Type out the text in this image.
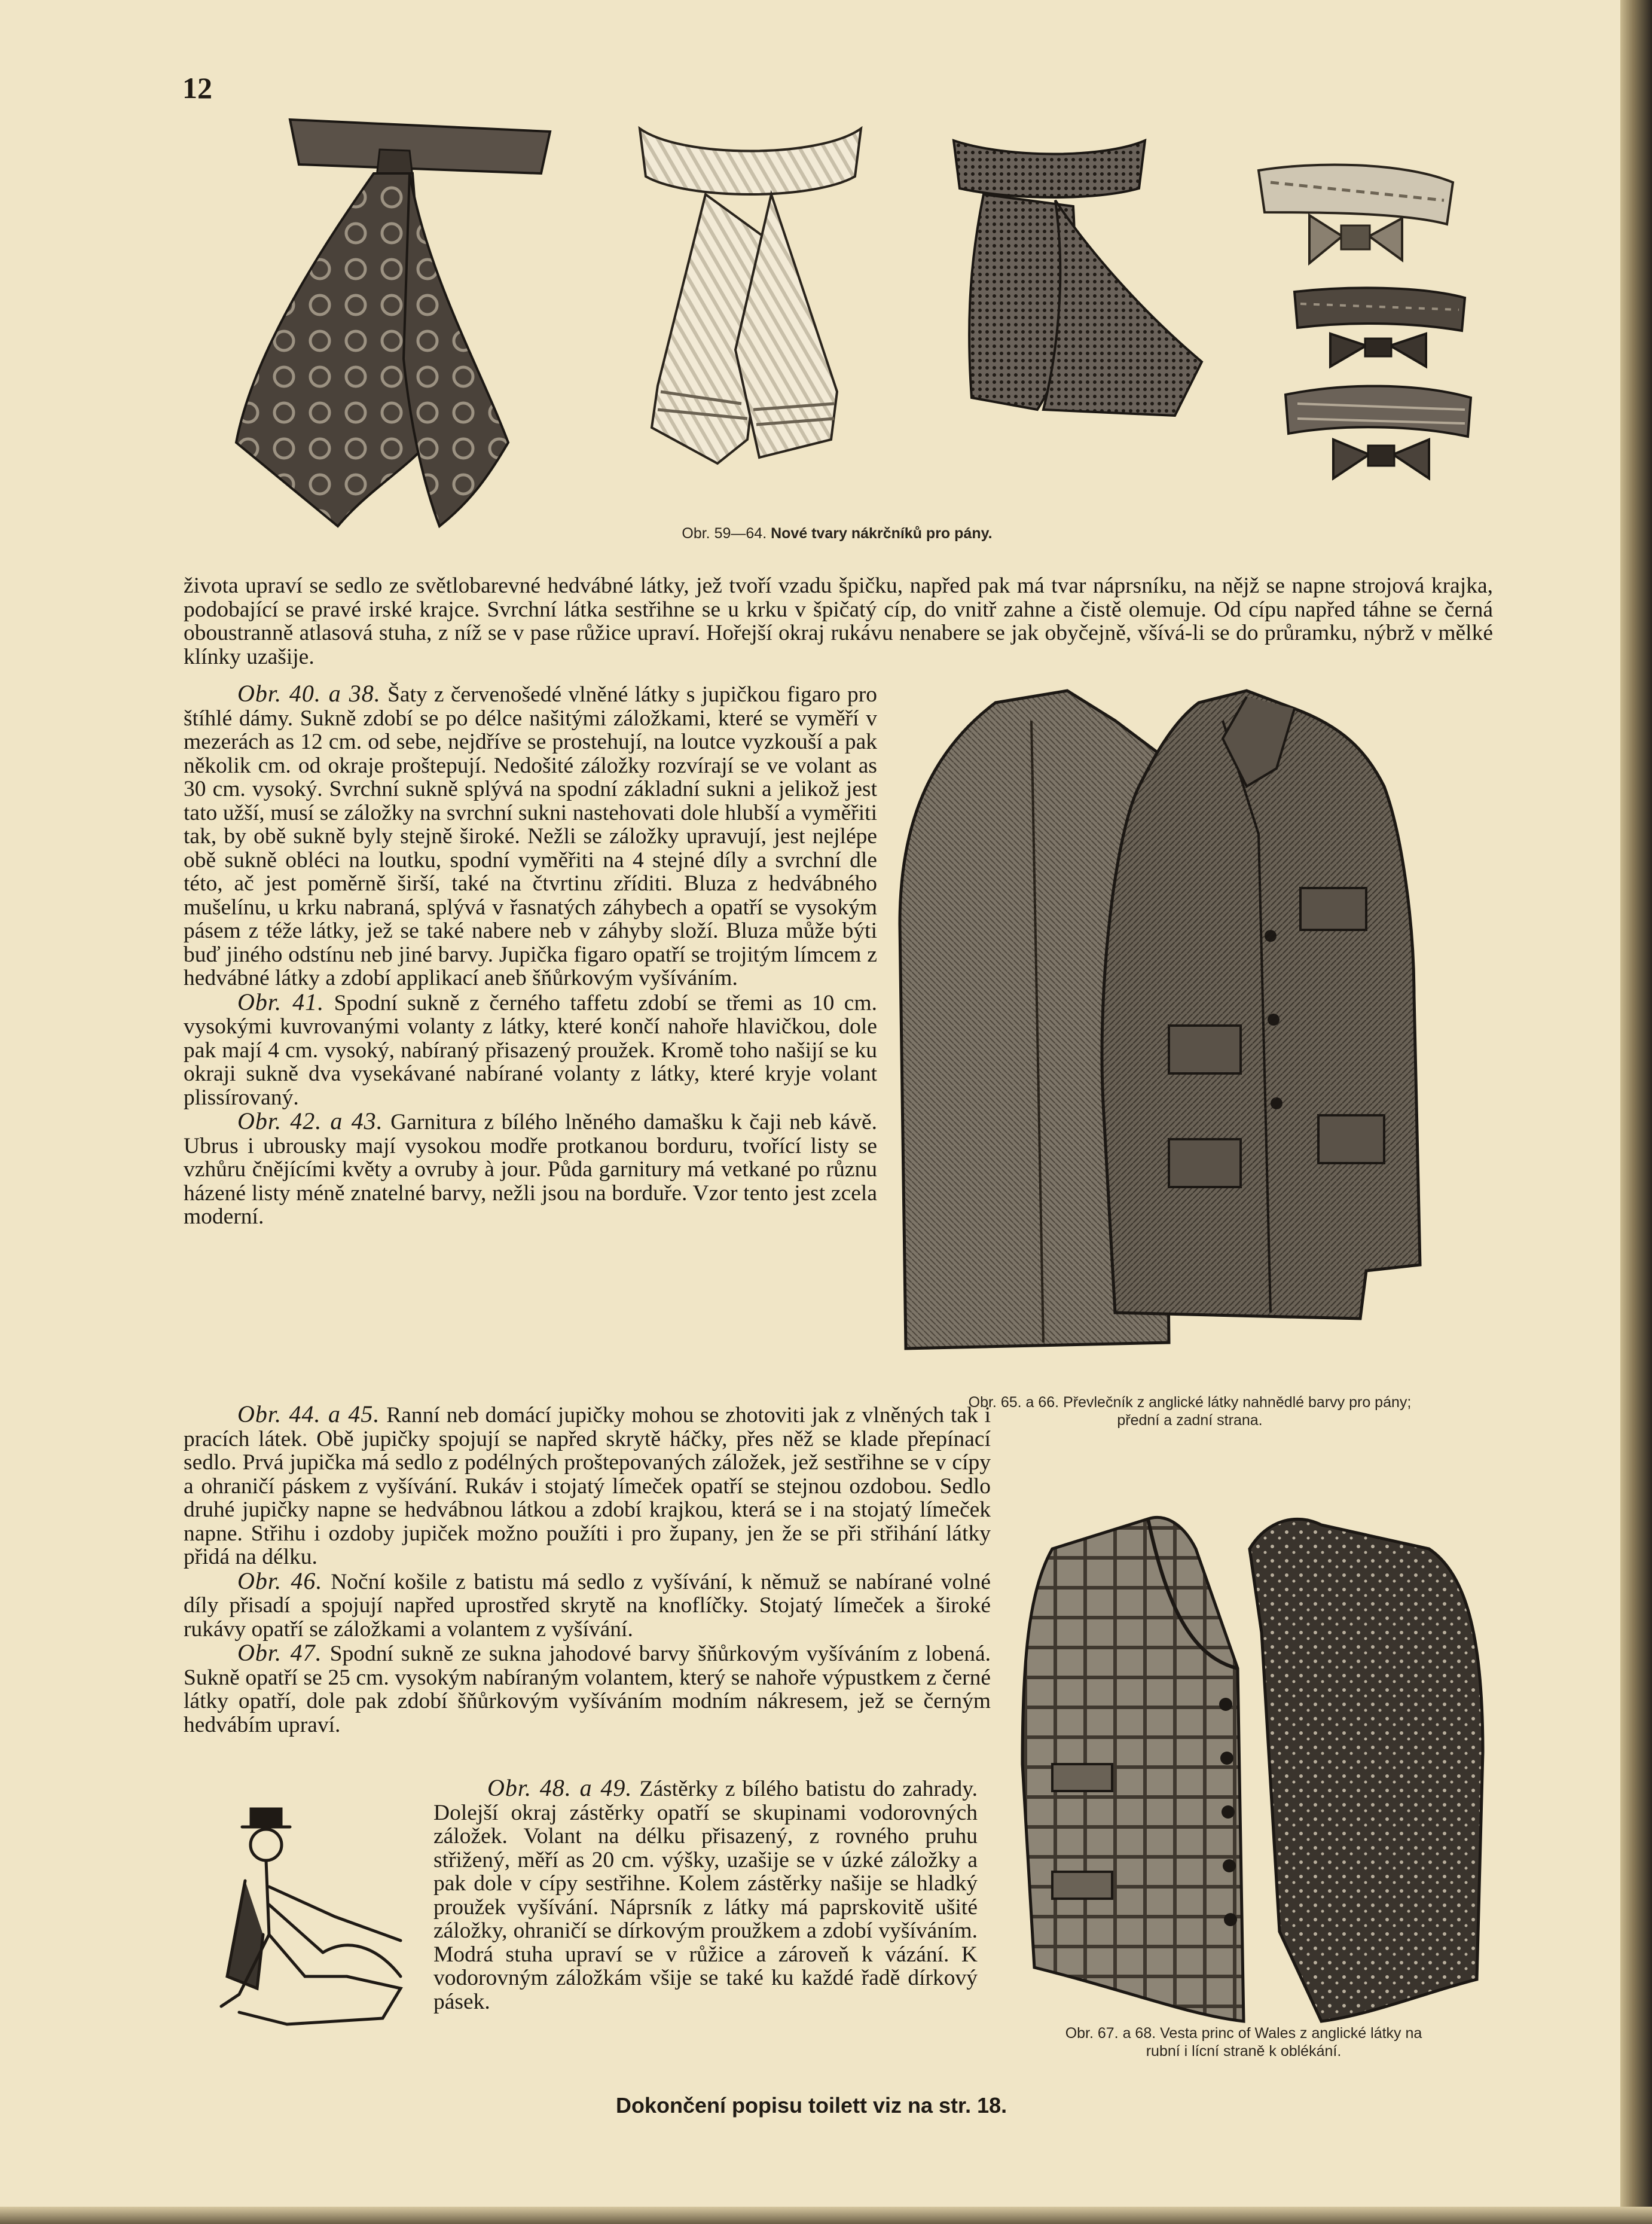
12
Obr. 59—64. Nové tvary nákrčníků pro pány.

života upraví se sedlo ze světlobarevné hedvábné látky, jež tvoří vzadu špičku, napřed pak má tvar náprsníku, na nějž se napne strojová krajka, podobající se pravé irské krajce. Svrchní látka sestřihne se u krku v špičatý cíp, do vnitř zahne a čistě olemuje. Od cípu napřed táhne se černá oboustranně atlasová stuha, z níž se v pase růžice upraví. Hořejší okraj rukávu nenabere se jak obyčejně, všívá-li se do průramku, nýbrž v mělké klínky uzašije.

Obr. 65. a 66. Převlečník z anglické látky nahnědlé barvy pro pány;
přední a zadní strana.
Obr. 67. a 68. Vesta princ of Wales z anglické látky na
rubní i lícní straně k oblékání.

Obr. 40. a 38. Šaty z červenošedé vlněné látky s jupičkou figaro pro štíhlé dámy. Sukně zdobí se po délce našitými záložkami, které se vyměří v mezerách as 12 cm. od sebe, nejdříve se prostehují, na loutce vyzkouší a pak několik cm. od okraje proštepují. Nedošité záložky rozvírají se ve volant as 30 cm. vysoký. Svrchní sukně splývá na spodní základní sukni a jelikož jest tato užší, musí se záložky na svrchní sukni nastehovati dole hlubší a vyměřiti tak, by obě sukně byly stejně široké. Nežli se záložky upravují, jest nejlépe obě sukně obléci na loutku, spodní vyměřiti na 4 stejné díly a svrchní dle této, ač jest poměrně širší, také na čtvrtinu zříditi. Bluza z hedvábného mušelínu, u krku nabraná, splývá v řasnatých záhybech a opatří se vysokým pásem z téže látky, jež se také nabere neb v záhyby složí. Bluza může býti buď jiného odstínu neb jiné barvy. Jupička figaro opatří se trojitým límcem z hedvábné látky a zdobí applikací aneb šňůrkovým vyšíváním.

Obr. 41. Spodní sukně z černého taffetu zdobí se třemi as 10 cm. vysokými kuvrovanými volanty z látky, které končí nahoře hlavičkou, dole pak mají 4 cm. vysoký, nabíraný přisazený proužek. Kromě toho našijí se ku okraji sukně dva vysekávané nabírané volanty z látky, které kryje volant plissírovaný.

Obr. 42. a 43. Garnitura z bílého lněného damašku k čaji neb kávě. Ubrus i ubrousky mají vysokou modře protkanou borduru, tvořící listy se vzhůru čnějícími květy a ovruby à jour. Půda garnitury má vetkané po různu házené listy méně znatelné barvy, nežli jsou na borduře. Vzor tento jest zcela moderní.

Obr. 44. a 45. Ranní neb domácí jupičky mohou se zhotoviti jak z vlněných tak i pracích látek. Obě jupičky spojují se napřed skrytě háčky, přes něž se klade přepínací sedlo. Prvá jupička má sedlo z podélných proštepovaných záložek, jež sestřihne se v cípy a ohraničí páskem z vyšívání. Rukáv i stojatý límeček opatří se stejnou ozdobou. Sedlo druhé jupičky napne se hedvábnou látkou a zdobí krajkou, která se i na stojatý límeček napne. Střihu i ozdoby jupiček možno použíti i pro župany, jen že se při střihání látky přidá na délku.

Obr. 46. Noční košile z batistu má sedlo z vyšívání, k němuž se nabírané volné díly přisadí a spojují napřed uprostřed skrytě na knoflíčky. Stojatý límeček a široké rukávy opatří se záložkami a volantem z vyšívání.

Obr. 47. Spodní sukně ze sukna jahodové barvy šňůrkovým vyšíváním z lobená. Sukně opatří se 25 cm. vysokým nabíraným volantem, který se nahoře výpustkem z černé látky opatří, dole pak zdobí šňůrkovým vyšíváním modním nákresem, jež se černým hedvábím upraví.

Obr. 48. a 49. Zástěrky z bílého batistu do zahrady. Dolejší okraj zástěrky opatří se skupinami vodorovných záložek. Volant na délku přisazený, z rovného pruhu střižený, měří as 20 cm. výšky, uzašije se v úzké záložky a pak dole v cípy sestřihne. Kolem zástěrky našije se hladký proužek vyšívání. Náprsník z látky má paprskovitě ušité záložky, ohraničí se dírkovým proužkem a zdobí vyšíváním. Modrá stuha upraví se v růžice a zároveň k vázání. K vodorovným záložkám všije se také ku každé řadě dírkový pásek.

Dokončení popisu toilett viz na str. 18.
